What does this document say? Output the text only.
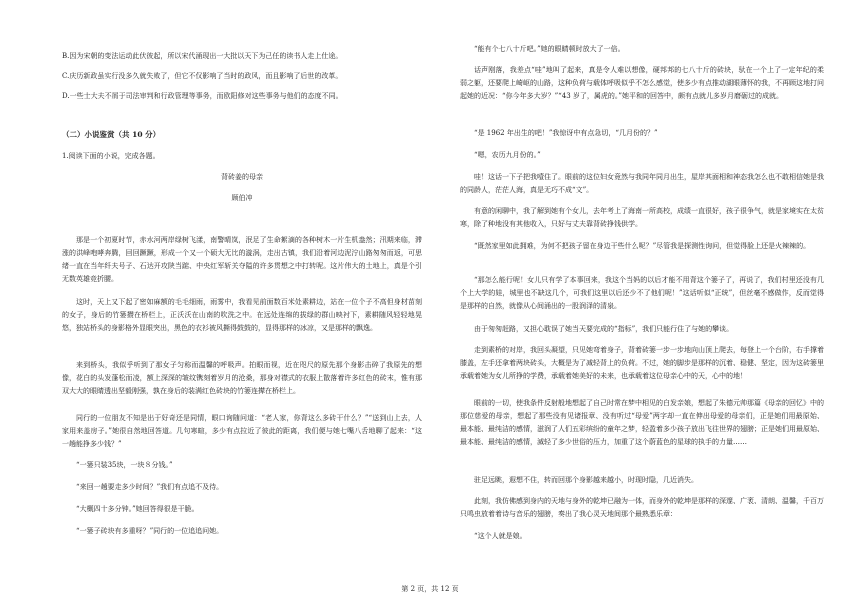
B.因为宋朝的变法运动此伏彼起，所以宋代涌现出一大批以天下为己任的读书人走上仕途。

C.庆历新政虽实行没多久就失败了，但它不仅影响了当时的政风，而且影响了后世的改革。

D.一些士大夫不屑于司法审判和行政管理等事务，而欧阳修对这些事务与他们的态度不同。

（二）小说鉴赏（共 10 分）

1.阅读下面的小说，完成各题。

背砖姜的母亲

顾伯冲

那是一个初夏时节，赤水河两岸绿树飞漾，南警晴岚，泯足了生命絮滴的各种树木一片生机盎然；汛期来临，滞涨的洪峰咆哮奔腾，回回蹶蹶，形成一个又一个硕大无比的漩涡，走出古镇，我们沿着河边泥泞山路匆匆而返，可思绪一直在当年纤夫号子、石达开攻陕当踮、中央红军斩关夺隘的许多贯想之中打转呢。这片伟大的土地上，真是个引无数英雄竞折腰。

这时，天上又下起了密如麻额的毛毛细雨，雨雾中，我看见前面数百米处素耕边，站在一位个子不高但身材苗刻的女子，身后的竹篓攒在桥栏上，正沃沃在山南的吹洗之中。在远处连绵的拔绿的群山映衬下，素耕随风轻轻地晃悠，独站桥头的身影格外显眼突出，黑色的衣衫被风撕得鼓鼓的，显得那样的冰凉，又是那样的飘逸。

来到桥头，我似乎听到了那女子匀称而温馨的呼吸声。拍眼而视，近在咫尺的原先那个身影击碎了我原先的想像，花白的头发蓬松而凌，额上深深的皱纹镌刻着岁月的沧桑，那身对襟式的衣服上散落着许多红色的砖末，惟有那双大大的眼睛透出坚毅刚强，孰在身后的装满红色砖块的竹篓连撵在桥栏上。

同行的一位朋友不知是出于好奇还是同情，眼口询随问道：“老人家，你背这么多砖干什么？”“送到山上去，人家用来盖房子。”她很自然地回答道。几句寒暄，多少有点拉近了彼此的距离，我们便与她七嘴八舌地聊了起来：“这一趟能挣多少钱？”

“一篓只装35块，一块８分钱。”

“来回一趟要走多少时间？”我们有点追不及待。

“大概四十多分钟。”她回答得很是干脆。

“一篓子砖块有多重呀？”同行的一位追追问她。

“能有个七八十斤吧。”她的眼睛顿时放大了一倍。

话声刚落，我差点“哇”地叫了起来，真是令人难以想像，硬邦邦的七八十斤的砖块，驮在一个上了一定年纪的柔弱之躯，还要爬上崎岖的山路，这种负荷与载体呼吸似乎不怎么感觉，使多少有点推动湖眼薄怀的我，不再顾这地打问起她的近况：“你今年多大岁？”“43 岁了，属虎的。”她平和的回答中，颇有点就儿多岁月磨砺过的成就。

“是 1962 年出生的吧！”我惊讶中有点急切，“几月份的？”

“嗯，农历九月份的。”

哇！这话一下子把我噎住了。眼前的这位妇女竟然与我同年同月出生，屋岸其面相和神态我怎么也不敢相信她是我的同龄人，茫茫人海，真是无巧不成“文”。

有意的闲聊中，我了解到她有个女儿，去年考上了海南一所高校，成绩一直很好，孩子很争气，就是家境实在太贫寒，除了种地没有其他收入，只好与丈夫靠背砖挣钱供学。

“既然家里如此拥难，为何不把孩子留在身边干些什么呢？”尽管我是探测性询问，但觉得脸上还是火辣辣的。

“那怎么能行呢！女儿只有学了本事回来，我这个当妈的以后才能不用背这个篓子了，再说了，我们村里还没有几个上大学的娃，城里也不缺这几个，可我们这里以后还少不了他们呢！”这话听似“正统”，但丝毫不感做作，反而觉得是那样的自然，就像从心间涌出的一股润泽的清泉。

由于匆匆赶路，又担心耽误了她当天要完成的“指标”，我们只能行住了与她的攀谈。

走到素桥的对岸，我回头凝望，只见她弯着身子，背着砖篓一步一步地向山顶上爬去，每登上一个台阶，右手撑着膝盖，左手还拿着两块砖头，大概是为了减轻背上的负荷。不过，她的脚步是那样的沉着、稳健、坚定，因为这砖篓里承载着她为女儿所挣的学费，承载着她美好的未来，也承载着这位母亲心中的天，心中的地！

眼前的一切，使我条件反射般地想起了自己时常在梦中相见的白发亲娘，想起了朱德元帅那篇《母亲的回忆》中的那位慈爱的母亲，想起了那些没有见诸报章、没有听过“母爱”两字却一直在伸出母爱的母亲们，正是她们用最原始、最本能、最纯洁的感情，滋润了人们五彩缤纷的童年之梦，轻盈着多少孩子放出飞往世界的翅膀；正是她们用最原始、最本能、最纯洁的感情，滅轻了多少世俗的压力，加重了这个蔚蓝色的星球的执手的力量……

驻足远眺，遐想不住，转而回那个身影越来越小，时现时隐，几近消失。

此刻，我仿佛感到身内的天地与身外的乾坤已融为一体，而身外的乾坤是那样的深邃、广袤、清朗、温馨，千百万只鸣虫放着着诗与音乐的翅膀，奏出了我心灵天地间那个最熟悉乐章：

“这个人就是娘。

第 2 页，共 12 页
